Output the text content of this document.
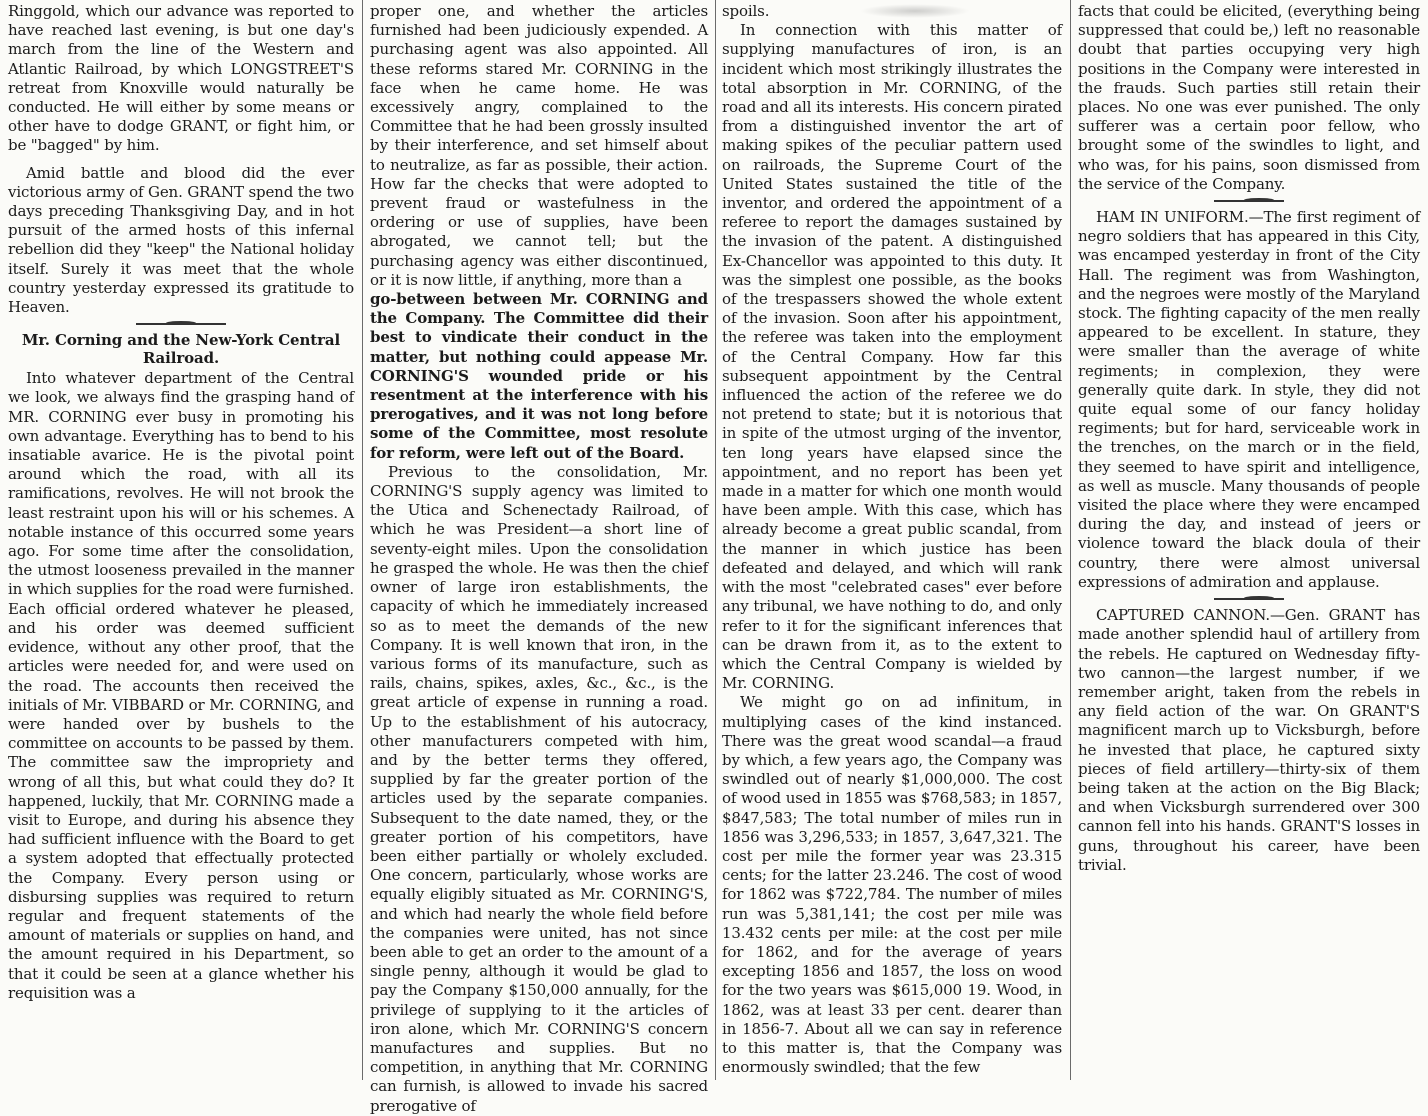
Ringgold, which our advance was reported to have reached last evening, is but one day's march from the line of the Western and Atlantic Railroad, by which LONGSTREET'S retreat from Knoxville would naturally be conducted. He will either by some means or other have to dodge GRANT, or fight him, or be "bagged" by him.

Amid battle and blood did the ever victorious army of Gen. GRANT spend the two days preceding Thanksgiving Day, and in hot pursuit of the armed hosts of this infernal rebellion did they "keep" the National holiday itself. Surely it was meet that the whole country yesterday expressed its gratitude to Heaven.

Mr. Corning and the New-York Central Railroad.

Into whatever department of the Central we look, we always find the grasping hand of MR. CORNING ever busy in promoting his own advantage. Everything has to bend to his insatiable avarice. He is the pivotal point around which the road, with all its ramifications, revolves. He will not brook the least restraint upon his will or his schemes. A notable instance of this occurred some years ago. For some time after the consolidation, the utmost looseness prevailed in the manner in which supplies for the road were furnished. Each official ordered whatever he pleased, and his order was deemed sufficient evidence, without any other proof, that the articles were needed for, and were used on the road. The accounts then received the initials of Mr. VIBBARD or Mr. CORNING, and were handed over by bushels to the committee on accounts to be passed by them. The committee saw the impropriety and wrong of all this, but what could they do? It happened, luckily, that Mr. CORNING made a visit to Europe, and during his absence they had sufficient influence with the Board to get a system adopted that effectually protected the Company. Every person using or disbursing supplies was required to return regular and frequent statements of the amount of materials or supplies on hand, and the amount required in his Department, so that it could be seen at a glance whether his requisition was a

proper one, and whether the articles furnished had been judiciously expended. A purchasing agent was also appointed. All these reforms stared Mr. CORNING in the face when he came home. He was excessively angry, complained to the Committee that he had been grossly insulted by their interference, and set himself about to neutralize, as far as possible, their action. How far the checks that were adopted to prevent fraud or wastefulness in the ordering or use of supplies, have been abrogated, we cannot tell; but the purchasing agency was either discontinued, or it is now little, if anything, more than a

go-between between Mr. CORNING and the Company. The Committee did their best to vindicate their conduct in the matter, but nothing could appease Mr. CORNING'S wounded pride or his resentment at the interference with his prerogatives, and it was not long before some of the Committee, most resolute for reform, were left out of the Board.

Previous to the consolidation, Mr. CORNING'S supply agency was limited to the Utica and Schenectady Railroad, of which he was President—a short line of seventy-eight miles. Upon the consolidation he grasped the whole. He was then the chief owner of large iron establishments, the capacity of which he immediately increased so as to meet the demands of the new Company. It is well known that iron, in the various forms of its manufacture, such as rails, chains, spikes, axles, &c., &c., is the great article of expense in running a road. Up to the establishment of his autocracy, other manufacturers competed with him, and by the better terms they offered, supplied by far the greater portion of the articles used by the separate companies. Subsequent to the date named, they, or the greater portion of his competitors, have been either partially or wholely excluded. One concern, particularly, whose works are equally eligibly situated as Mr. CORNING'S, and which had nearly the whole field before the companies were united, has not since been able to get an order to the amount of a single penny, although it would be glad to pay the Company $150,000 annually, for the privilege of supplying to it the articles of iron alone, which Mr. CORNING'S concern manufactures and supplies. But no competition, in anything that Mr. CORNING can furnish, is allowed to invade his sacred prerogative of

spoils.

In connection with this matter of supplying manufactures of iron, is an incident which most strikingly illustrates the total absorption in Mr. CORNING, of the road and all its interests. His concern pirated from a distinguished inventor the art of making spikes of the peculiar pattern used on railroads, the Supreme Court of the United States sustained the title of the inventor, and ordered the appointment of a referee to report the damages sustained by the invasion of the patent. A distinguished Ex-Chancellor was appointed to this duty. It was the simplest one possible, as the books of the trespassers showed the whole extent of the invasion. Soon after his appointment, the referee was taken into the employment of the Central Company. How far this subsequent appointment by the Central influenced the action of the referee we do not pretend to state; but it is notorious that in spite of the utmost urging of the inventor, ten long years have elapsed since the appointment, and no report has been yet made in a matter for which one month would have been ample. With this case, which has already become a great public scandal, from the manner in which justice has been defeated and delayed, and which will rank with the most "celebrated cases" ever before any tribunal, we have nothing to do, and only refer to it for the significant inferences that can be drawn from it, as to the extent to which the Central Company is wielded by Mr. CORNING.

We might go on ad infinitum, in multiplying cases of the kind instanced. There was the great wood scandal—a fraud by which, a few years ago, the Company was swindled out of nearly $1,000,000. The cost of wood used in 1855 was $768,583; in 1857, $847,583; The total number of miles run in 1856 was 3,296,533; in 1857, 3,647,321. The cost per mile the former year was 23.315 cents; for the latter 23.246. The cost of wood for 1862 was $722,784. The number of miles run was 5,381,141; the cost per mile was 13.432 cents per mile: at the cost per mile for 1862, and for the average of years excepting 1856 and 1857, the loss on wood for the two years was $615,000 19. Wood, in 1862, was at least 33 per cent. dearer than in 1856-7. About all we can say in reference to this matter is, that the Company was enormously swindled; that the few

facts that could be elicited, (everything being suppressed that could be,) left no reasonable doubt that parties occupying very high positions in the Company were interested in the frauds. Such parties still retain their places. No one was ever punished. The only sufferer was a certain poor fellow, who brought some of the swindles to light, and who was, for his pains, soon dismissed from the service of the Company.

HAM IN UNIFORM.—The first regiment of negro soldiers that has appeared in this City, was encamped yesterday in front of the City Hall. The regiment was from Washington, and the negroes were mostly of the Maryland stock. The fighting capacity of the men really appeared to be excellent. In stature, they were smaller than the average of white regiments; in complexion, they were generally quite dark. In style, they did not quite equal some of our fancy holiday regiments; but for hard, serviceable work in the trenches, on the march or in the field, they seemed to have spirit and intelligence, as well as muscle. Many thousands of people visited the place where they were encamped during the day, and instead of jeers or violence toward the black doula of their country, there were almost universal expressions of admiration and applause.

CAPTURED CANNON.—Gen. GRANT has made another splendid haul of artillery from the rebels. He captured on Wednesday fifty-two cannon—the largest number, if we remember aright, taken from the rebels in any field action of the war. On GRANT'S magnificent march up to Vicksburgh, before he invested that place, he captured sixty pieces of field artillery—thirty-six of them being taken at the action on the Big Black; and when Vicksburgh surrendered over 300 cannon fell into his hands. GRANT'S losses in guns, throughout his career, have been trivial.
